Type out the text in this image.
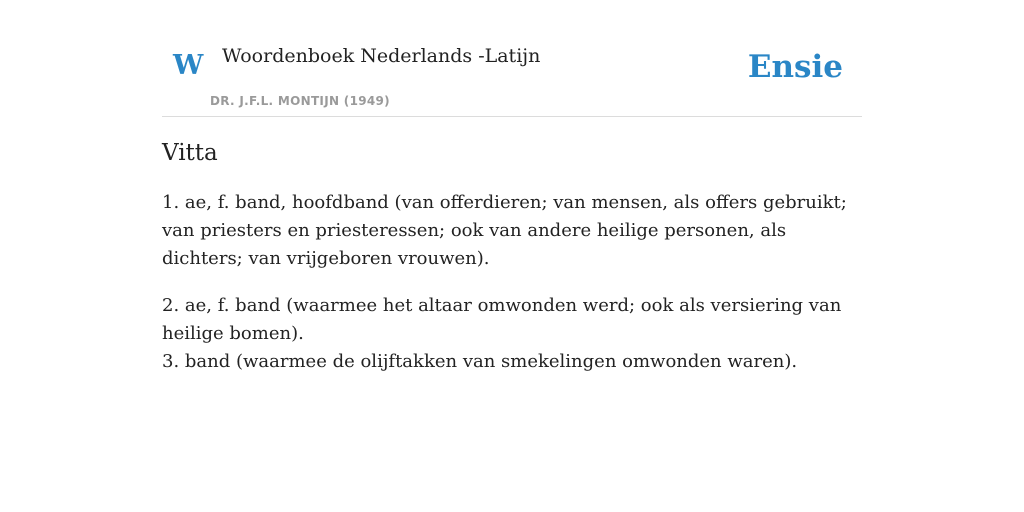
W Woordenboek Nederlands -Latijn
DR. J.F.L. MONTIJN (1949)
Ensie
Vitta

1. ae, f. band, hoofdband (van offerdieren; van mensen, als offers gebruikt; van priesters en priesteressen; ook van andere heilige personen, als dichters; van vrijgeboren vrouwen).

2. ae, f. band (waarmee het altaar omwonden werd; ook als versiering van heilige bomen).
3. band (waarmee de olijftakken van smekelingen omwonden waren).
